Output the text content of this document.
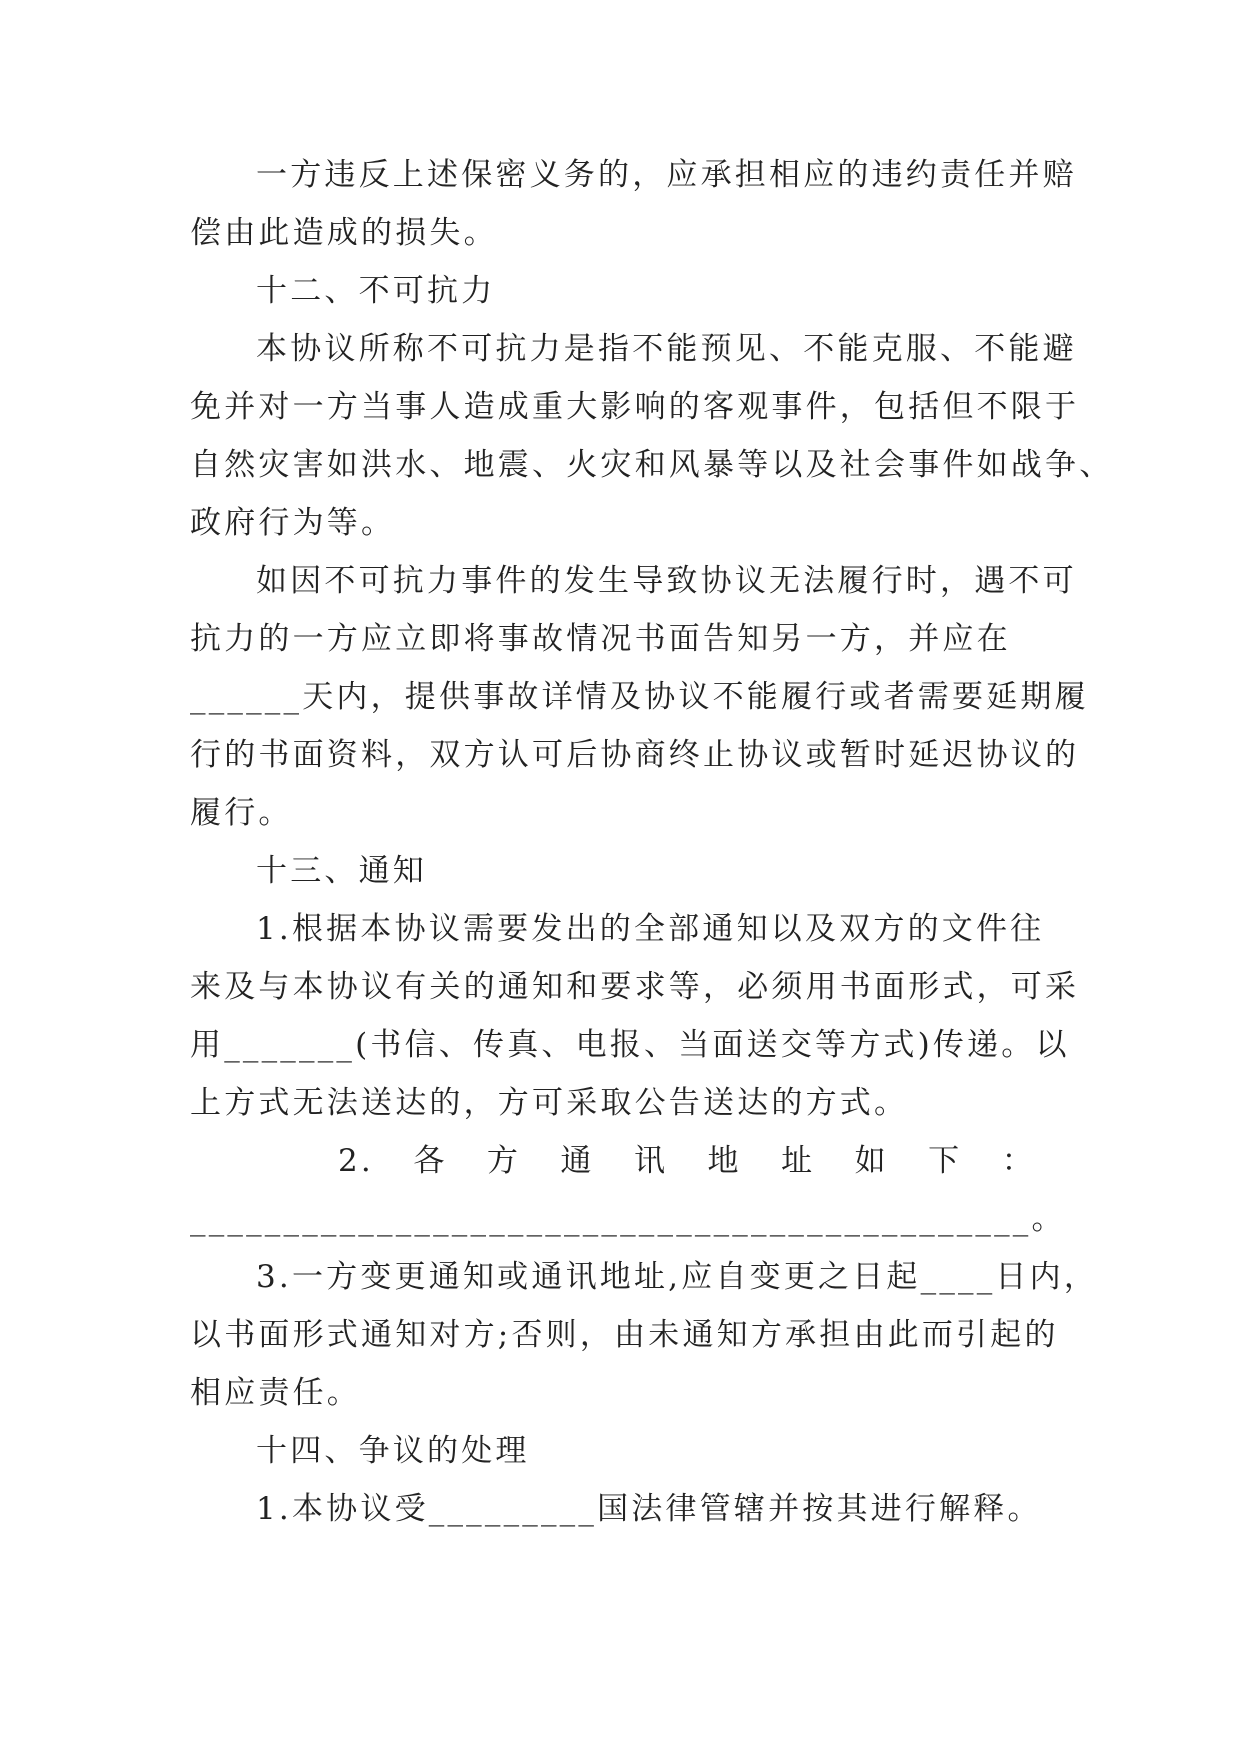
一方违反上述保密义务的，应承担相应的违约责任并赔
偿由此造成的损失。
十二、不可抗力
本协议所称不可抗力是指不能预见、不能克服、不能避
免并对一方当事人造成重大影响的客观事件，包括但不限于
自然灾害如洪水、地震、火灾和风暴等以及社会事件如战争、
政府行为等。
如因不可抗力事件的发生导致协议无法履行时，遇不可
抗力的一方应立即将事故情况书面告知另一方，并应在
______天内，提供事故详情及协议不能履行或者需要延期履
行的书面资料，双方认可后协商终止协议或暂时延迟协议的
履行。
十三、通知
1.根据本协议需要发出的全部通知以及双方的文件往
来及与本协议有关的通知和要求等，必须用书面形式，可采
用_______(书信、传真、电报、当面送交等方式)传递。以
上方式无法送达的，方可采取公告送达的方式。
2. 各 方 通 讯 地 址 如 下 ：
_____________________________________________。
3.一方变更通知或通讯地址,应自变更之日起____日内，
以书面形式通知对方;否则，由未通知方承担由此而引起的
相应责任。
十四、争议的处理
1.本协议受_________国法律管辖并按其进行解释。
